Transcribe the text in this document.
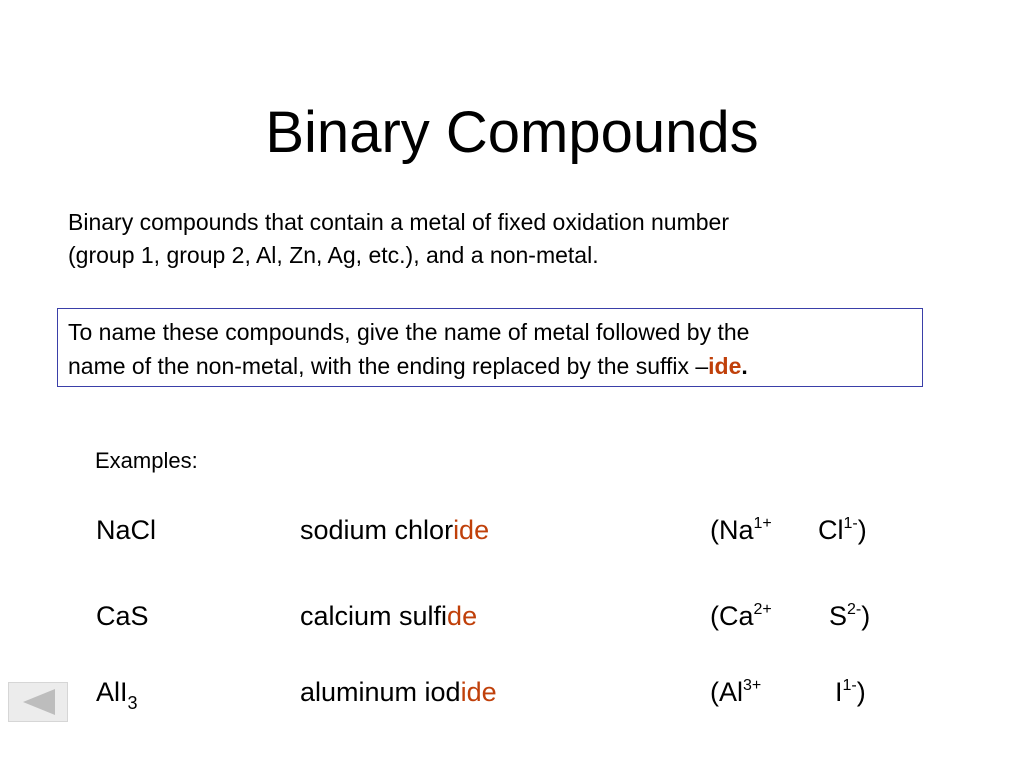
Binary Compounds
Binary compounds that contain a metal of fixed oxidation number
(group 1, group 2, Al, Zn, Ag, etc.), and a non-metal.
To name these compounds, give the name of metal followed by the
name of the non-metal, with the ending replaced by the suffix –ide.
Examples:
NaCl	sodium chloride	($Na^{1+}$ $Cl^{1-}$)
CaS	calcium sulfide	($Ca^{2+}$ $S^{2-}$)
AlI$_3$	aluminum iodide	($Al^{3+}$	$I^{1-}$)
